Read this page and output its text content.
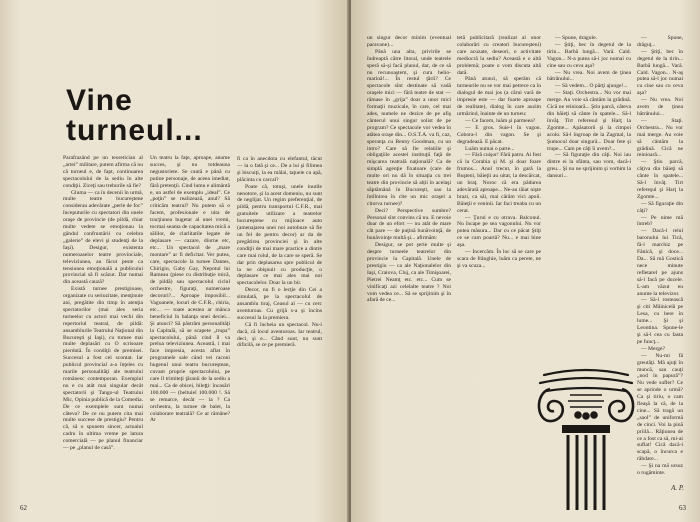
Vine
turneul...

Parafrazând pe un teoretician al „artei” militare, putem afirma că nu că turneul e, de fapt, continuarea spectacolului de la sediu în alte condiţii. Ziceţi sau treburile să fie?

Gluma — ca în decenii în urmă, multe teatre bucureştene considerau adevărate „perle de foc” începuturile cu spectatori din unele oraşe de provincie (de pildă, chiar multe vedete se emoţionau la gândul confruntării cu celebra „galerie” de elevi şi studenţi de la Iaşi). Desigur, existenta numeroaselor teatre provinciale, televiziunea, au făcut peste ca tensiunea emoţională a publicului provincial să fi scăzut. Dar numai din această cauză?

Există turnee prestigioase, organizate cu seriozitate, menţinute ani, pregătite din timp în atenţia spectatorilor (mai ales seria turneelor cu actori mai vechi din repertoriul teatral, de pildă: ansamblurile Teatrului Naţional din Bucureşti şi Iaşi), cu turnee mai multe deplasări cu O scrisoare pierdută. În condiţii de premisei. Succesul a fost cel scontat. Iar publicul provincial a-a înţeles cu marile personalităţi ale teatrului românesc contemporan. Exemplul nu e cu atât mai singular decât spectatorii şi Tango-ul Teatrului Mic, Opinia publică de la Comedia. De ce exemplele sunt numai câteva? De ce nu putem cita mai multe succese de prestigiu? Pentru că, să o spunem sincer, actualul cadru în ultima vreme pe latura comercială — pe planul financiar — pe „planul de casă”.

Un teatru la faţe, aproape, anume succes, şi nu totdeauna negustoriete. Se caută e până cu putine personaje, de aceea imediat, fără pretenţii. Cind lumu e alimântă e, un astfel de exemplu „ideal”. Ce „poţin” se realizează, anul? Să criticăm teatrul? Nu putem să o facem, profesionale e uita de tracţiunea bugetar al unei vremi, tocmai seama de capacitatea mică a sălilor, de clarlitatile legate de deplasare — cazare, diurne etc, etc... Un spectacol de „mare montare” ar fi deficitar. Ver putea, care, spectacole la turnee Dantes, Chirigiu, Gaby Gay, Nepotul lui Rameau (piese cu distribuţie mică, de pildă) sau spectacolul ciclul orchestre, figuraţi, numeroase decoruri?... Aproape imposibil... Vagoanele, locuri de C.F.R., chiria, etc... — toate acestea ar mânca beneficiul în balanţa unei deciei... Şi atunci? Să păstrăm personalităţi la Capitală, să se scapete „trupa” spectacolului, până cind îl va prelua televiziunea. Această, i mai face impresia, acesta aflat în programele sale când vei raconi hugenul unui teatru bucureştean, cuvant proprie spectacolului, pe care îl trimiteţi ţăranii de la sediu a mai... Ca de obicei, bileţţi: încasări 100.000 — (beltuiel 100.000 !. Să se remarce, decât — la ? Ca orchestra, la turnee de balet, la colaborare teatrală? Ce ar rămâne? Ar

fi ca în anecdota cu elefantul, tăcut — la o fată şi ce... De a lui şi filimea şi biscuiţi, la ea mâlai, taţuele cu apă, plăcinta cu carcal?

Poate că, totuşi, unele inutile nenotore, şi la acest domeniu, nu sunt de neglijat. Un regim preferenţial, de pildă, pentru transportul C.F.R., mai gratuitele utilizare a teatrelor bucureştene cu mijloace auto (amenajarea unei noi autobuze să fie un fel de pentru decor) ar da de pregătirea provinciei şi în alte condiţii de mai mare practice a dintre care mai rolul, de la care se speră. Se dar prin deplasarea spre publicul de la ne obişnuit cu producţie, o deplasare ce mai ales mai noi spectacolelor. Doar la un bir.

Decor, nu fi o lecţie din Cei a simulată, pe la spectacolul de ansamblu tiraj, Ceasul al — cu cerc aventuroas. Cu grijă s-a şi încins succesul la la premiera.

Că fi încheia un spectacol. Nu-i dacă, că locul aventuroas. Iar teatrul, deci, şi e... Când sunt, nu sunt dificilă, se ce pe premieră.

62

un singur decor minim (eventual paravane)...

Până una alta, privirile se îndreaptă către litoral, unde teatrele speră să-şi facă planul, dar, de ce să nu recunoaştem, şi cura helio-marină!... În restul ţării? Ce spectacole sînt destinate să vadă oraşele mici — fără teatre de stat — rămase în „grija” doar a unor mici formaţii muzicale, în care, cel mai ades, numele ne dezice de pe afiş cântecul unui singur solist de pe program? Ce spectacole vor vedea în atâtea oraşe din... O.S.T.A. va fi, caz, speranţa cu Benny Goodman, cu un intro? Care să fie relatiile şi obligaţiile acestei instituţii faţă de mişcarea teatrală naţională? Ca de simplă agenţie fixatoare (care de multe ori nu dă în situaţia cu trei teatre din provincie să alții în acelaşi săptămână în Bucureşti, sau la întîlnirea în cîte un mic oraşel a citorva turnee)?

Deci? Perspective sumbre? Personal sînt convins că nu. E nevoie doar de un efort — nu atât de mare cât pare — de puţină bunăvoinţă, de bunăvoinţe multă şi... afirmăm:

Desigur, se pot şerie multe şi despre turneele teatrelor din provincie la Capitală. Unele de prestigiu — ca ale Naţionalelor din Iaşi, Craiova, Cluj, ca ale Timişoarei, Pietrei Neamţ etc. etc... Cum se vinificaţi azi celelalte teatre ? Noi vom vedea ce... Să se sprijinim şi în afară de ce...

tetă publicitară (realizat al unor colaborări cu creatori bucureşteni) care acuzate, deseori, o activitate mediocră la sediu? Această e o altă problemă; poate o vom discuta altă dată.

Până atunci, să sperăm că turneurile nu se vor mai petrece ca în dialogul de mai jos (a cărui vară de impresie este — dar foarte aproape de realitate), dialog în care auzim urmărind, înainte de un turneu:

— Ce facem, luăm şi parmeea?

— E gros. Suie-l în vagon. Cobora-l din vagon. Se şi degradează. E păcat.

Luăm numai o parte...

— Fără cuişor! Fără patru. Ai fost că la Corabia şi M. şi doar foare frumos... Anul trecut, în gară la Buşteni, băieţii au uitat, la descărcat, un braţ. Noroc că era pădurea adevărată aproape... Ne-au tăiat nişte brazi, ca săi, mai cărăm vici apoii. Băieţii e veninii. Iar faci treaba cu un cerat.

— Ţurul e cu otrava. Balconul. Nu încape pe sea vagonului. Nu vor putea măsura... Dar cu ce păcat Ştiţi ce se cam poartă? Nu... e mai bine aşa.

— Incercăm. În loc să se care pe scara de frânghie, luăm ca perete, ne şi va scuza...

— Spune, dragule.

— Ştiţi, bec în degetul de la tirin... Barbă lungă... Vară. Cald. Vagon... N-a putea să-i joc numai cu cine sau cu ceva aşa?

— Nu vrea. Noi avem de ţinea bătrânului...

— Să vedem... O părţi ajunge!...

— Staţi. Orchestra... Nu vor mai merge. Au voie să cântăm la grădină. Cică ne reinioară... Ştiu parcă, câteva din băieţi să cânte în spatele... Să-l învăţ. Tirt referesul şi Harţ la Zgomte... Apăsatorii şi la cimpoi acolo. Să-l îngroap de la Zagmal, la Şumocul doar singură... Doar fete şi trupe... Cam pe câţi îi avem?...

— Să figuraţie din câţi. Noi iau dintre ei la sfânta, sau vom, dacă-i greu... Şi nu ne sprijinim şi vorbim la dansuri...

— Spune, drăguţ...

— Ştiţi, bec în degetul de la tirin... Barbă lungă... Vară. Cald. Vagon... N-aş putea să-l joc numai cu cine sau cu ceva aşa?

— Nu vrea. Noi avem de ţinea bătrânului...

— Staţi. Orchestra... Nu vor mai merge. Au voie să cântăm la grădină. Cică ne reinioară...

— Ştiu parcă, câţiva din băieţi să cânte în spatele... Să-l învăţ. Tirt refereşul şi Harţ la Zgomte...

— Să figuraţie din câţi?

— Pe nime mă întreb?

— Dacă-l relul baronului lui Tică, fă-l marchiz pe Fănică, şi doce... Da... Să mă Gostică nece minute refletarel pe ajuns să-l facă pe ducele. L-am văzut eu anume la televizor.

— Să-l rostească şi citi Mâinicelă pe Lesa, cu bere în lume... Şi şi Leontina. Spune-le şi să-l cea cu fasta pe funcţ...

— Merge?

— Nu-mi fă greutăţi. Mă ajuţi în muncă, sau cauţi „nod în papură”? Nu vede sufler? Ce se aprinde o urmă? Ca şi tiriu, o cam fleaşă la că, de la cine... Să tragă un „saol” de uniformă de cinci. Voi la pină priilă... Răţiunea de ce a fost ca să, mi-ai suflat! Cică dacă-i scapă, o încurca e răbdare...

— Şi na mă ursuz o rugăminte.

A. P.
63
